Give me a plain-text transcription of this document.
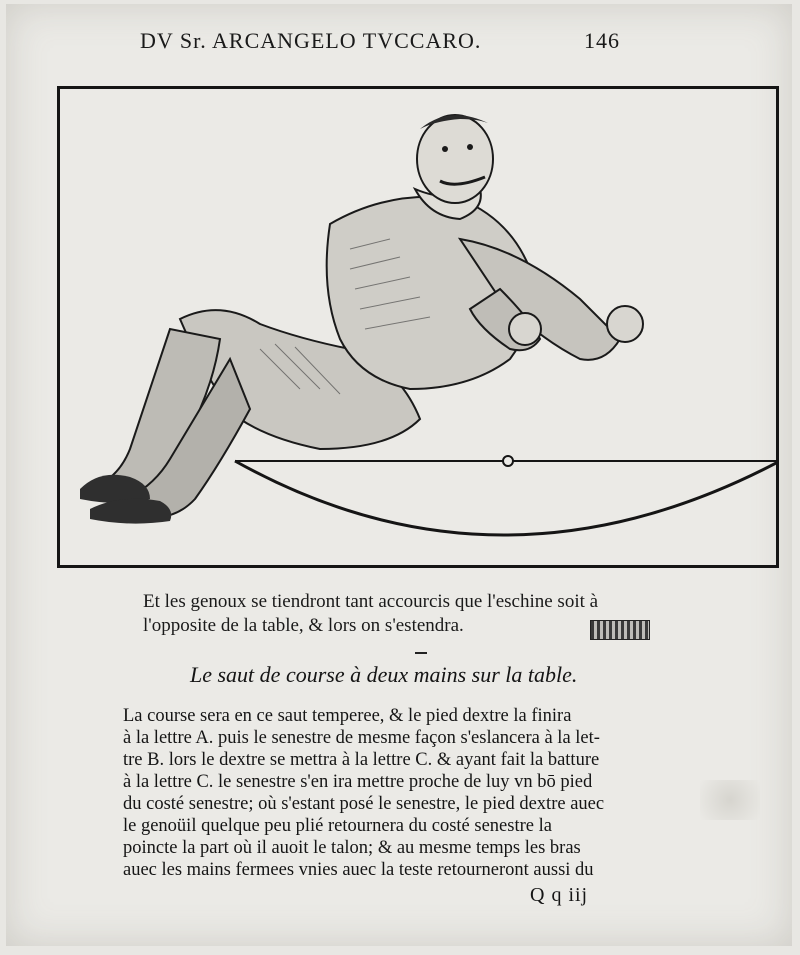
DV Sr. ARCANGELO TVCCARO.	146
Et les genoux se tiendront tant accourcis que l'eschine soit à
l'opposite de la table, & lors on s'estendra.
Le saut de course à deux mains sur la table.
La course sera en ce saut temperee, & le pied dextre la finira
à la lettre A. puis le senestre de mesme façon s'eslancera à la let-
tre B. lors le dextre se mettra à la lettre C. & ayant fait la batture
à la lettre C. le senestre s'en ira mettre proche de luy vn bō pied
du costé senestre; où s'estant posé le senestre, le pied dextre auec
le genoüil quelque peu plié retournera du costé senestre la
poincte la part où il auoit le talon; & au mesme temps les bras
auec les mains fermees vnies auec la teste retourneront aussi du
Q q iij
